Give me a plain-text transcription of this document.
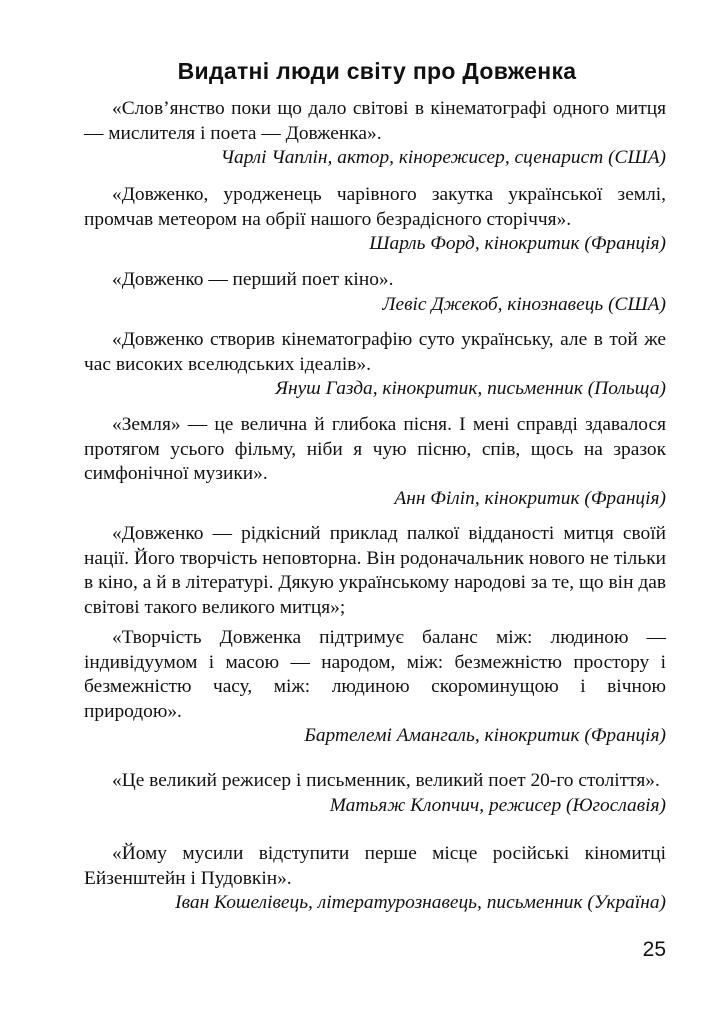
Видатні люди світу про Довженка

«Слов’янство поки що дало світові в кінематографі одного митця — мислителя і поета — Довженка».

Чарлі Чаплін, актор, кінорежисер, сценарист (США)

«Довженко, уродженець чарівного закутка української землі, промчав метеором на обрії нашого безрадісного сторіччя».

Шарль Форд, кінокритик (Франція)

«Довженко — перший поет кіно».

Левіс Джекоб, кінознавець (США)

«Довженко створив кінематографію суто українську, але в той же час високих вселюдських ідеалів».

Януш Газда, кінокритик, письменник (Польща)

«Земля» — це велична й глибока пісня. І мені справді здавалося протягом усього фільму, ніби я чую пісню, спів, щось на зразок симфонічної музики».

Анн Філіп, кінокритик (Франція)

«Довженко — рідкісний приклад палкої відданості митця своїй нації. Його творчість неповторна. Він родоначальник нового не тільки в кіно, а й в літературі. Дякую українському народові за те, що він дав світові такого великого митця»;

«Творчість Довженка підтримує баланс між: людиною — індивідуумом і масою — народом, між: безмежністю простору і безмежністю часу, між: людиною скороминущою і вічною природою».

Бартелемі Амангаль, кінокритик (Франція)

«Це великий режисер і письменник, великий поет 20-го століття».

Матьяж Клопчич, режисер (Югославія)

«Йому мусили відступити перше місце російські кіномитці Ейзенштейн і Пудовкін».

Іван Кошелівець, літературознавець, письменник (Україна)

25
